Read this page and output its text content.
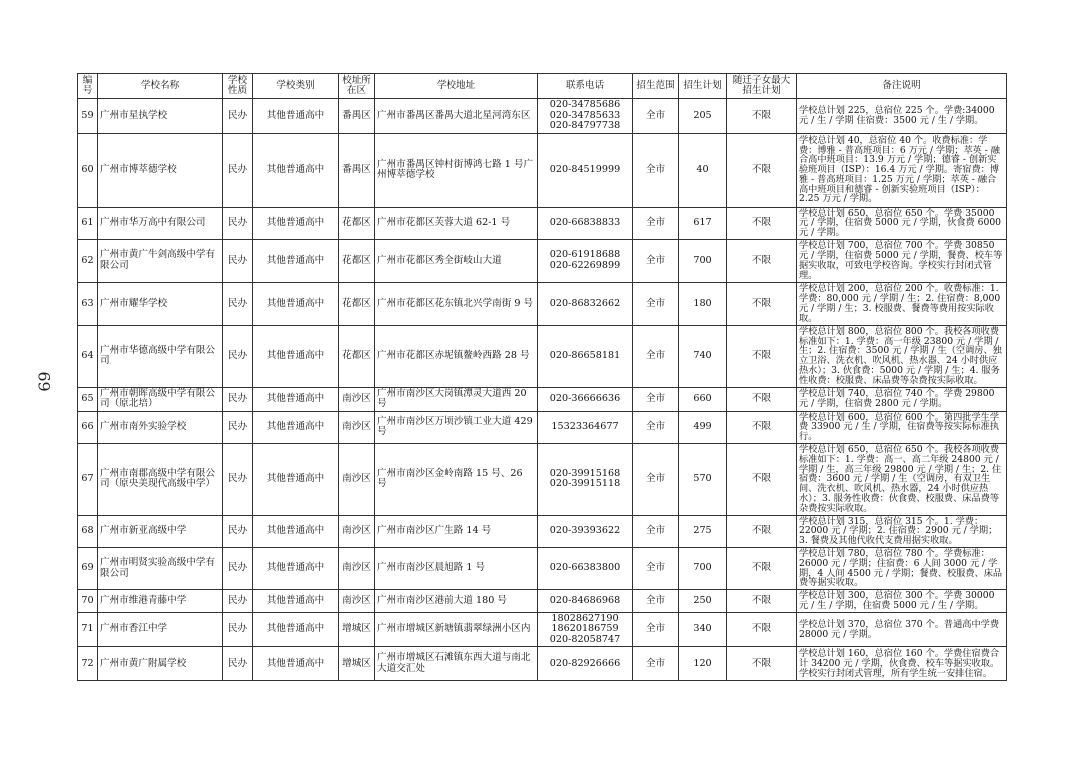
69
编号	学校名称	学校性质	学校类别	校址所在区	学校地址	联系电话	招生范围	招生计划	随迁子女最大招生计划	备注说明
59	广州市星执学校	民办	其他普通高中	番禺区	广州市番禺区番禺大道北星河湾东区	020-34785686
020-34785633
020-84797738	全市	205	不限	学校总计划 225，总宿位 225 个。学费:34000 元 / 生 / 学期 住宿费：3500 元 / 生 / 学期。
60	广州市博萃德学校	民办	其他普通高中	番禺区	广州市番禺区钟村街博鸿七路 1 号广州博萃德学校	020-84519999	全市	40	不限	学校总计划 40，总宿位 40 个。收费标准：学费：博雅 - 普高班项目：6 万元 / 学期；萃英 - 融合高中班项目：13.9 万元 / 学期；德睿 - 创新实验班项目（ISP）：16.4 万元 / 学期。寄宿费：博雅 - 普高班项目：1.25 万元 / 学期；萃英 - 融合高中班项目和德睿 - 创新实验班项目（ISP）：2.25 万元 / 学期。
61	广州市华万高中有限公司	民办	其他普通高中	花都区	广州市花都区芙蓉大道 62-1 号	020-66838833	全市	617	不限	学校总计划 650，总宿位 650 个。学费 35000 元 / 学期，住宿费 5000 元 / 学期，伙食费 6000 元 / 学期。
62	广州市黄广牛剑高级中学有限公司	民办	其他普通高中	花都区	广州市花都区秀全街岐山大道	020-61918688
020-62269899	全市	700	不限	学校总计划 700，总宿位 700 个。学费 30850 元 / 学期，住宿费 5000 元 / 学期，餐费、校车等据实收取，可致电学校咨询。学校实行封闭式管理。
63	广州市耀华学校	民办	其他普通高中	花都区	广州市花都区花东镇北兴学南街 9 号	020-86832662	全市	180	不限	学校总计划 200，总宿位 200 个。收费标准：1. 学费：80,000 元 / 学期 / 生；2. 住宿费：8,000 元 / 学期 / 生；3. 校服费、餐费等费用按实际收取。
64	广州市华德高级中学有限公司	民办	其他普通高中	花都区	广州市花都区赤坭镇鳌岭西路 28 号	020-86658181	全市	740	不限	学校总计划 800，总宿位 800 个。我校各项收费标准如下：1. 学费：高一年级 23800 元 / 学期 / 生；2. 住宿费：3500 元 / 学期 / 生（空调房、独立卫浴、洗衣机、吹风机、热水器、24 小时供应热水）；3. 伙食费：5000 元 / 学期 / 生；4. 服务性收费：校服费、床品费等杂费按实际收取。
65	广州市朝晖高级中学有限公司（原北培）	民办	其他普通高中	南沙区	广州市南沙区大岗镇潭灵大道西 20 号	020-36666636	全市	660	不限	学校总计划 740，总宿位 740 个。学费 29800 元 / 学期，住宿费 2800 元 / 学期。
66	广州市南外实验学校	民办	其他普通高中	南沙区	广州市南沙区万顷沙镇工业大道 429 号	15323364677	全市	499	不限	学校总计划 600，总宿位 600 个。第四批学生学费 33900 元 / 生 / 学期，住宿费等按实际标准执行。
67	广州市南郡高级中学有限公司（原央美现代高级中学）	民办	其他普通高中	南沙区	广州市南沙区金岭南路 15 号、26 号	020-39915168
020-39915118	全市	570	不限	学校总计划 650，总宿位 650 个。我校各项收费标准如下：1. 学费：高一、高二年级 24800 元 / 学期 / 生，高三年级 29800 元 / 学期 / 生；2. 住宿费：3600 元 / 学期 / 生（空调房，有双卫生间、洗衣机、吹风机、热水器，24 小时供应热水）；3. 服务性收费：伙食费、校服费、床品费等杂费按实际收取。
68	广州市新亚高级中学	民办	其他普通高中	南沙区	广州市南沙区广生路 14 号	020-39393622	全市	275	不限	学校总计划 315，总宿位 315 个。1. 学费：22000 元 / 学期；2. 住宿费：2900 元 / 学期；3. 餐费及其他代收代支费用据实收取。
69	广州市明贤实验高级中学有限公司	民办	其他普通高中	南沙区	广州市南沙区晨旭路 1 号	020-66383800	全市	700	不限	学校总计划 780，总宿位 780 个。学费标准：26000 元 / 学期；住宿费：6 人间 3000 元 / 学期，4 人间 4500 元 / 学期；餐费、校服费、床品费等据实收取。
70	广州市维港青藤中学	民办	其他普通高中	南沙区	广州市南沙区港前大道 180 号	020-84686968	全市	250	不限	学校总计划 300，总宿位 300 个。学费 30000 元 / 生 / 学期，住宿费 5000 元 / 生 / 学期。
71	广州市香江中学	民办	其他普通高中	增城区	广州市增城区新塘镇翡翠绿洲小区内	18028627190
18620186759
020-82058747	全市	340	不限	学校总计划 370，总宿位 370 个。普通高中学费 28000 元 / 学期。
72	广州市黄广附属学校	民办	其他普通高中	增城区	广州市增城区石滩镇东西大道与南北大道交汇处	020-82926666	全市	120	不限	学校总计划 160，总宿位 160 个。学费住宿费合计 34200 元 / 学期，伙食费、校车等据实收取。学校实行封闭式管理，所有学生统一安排住宿。
